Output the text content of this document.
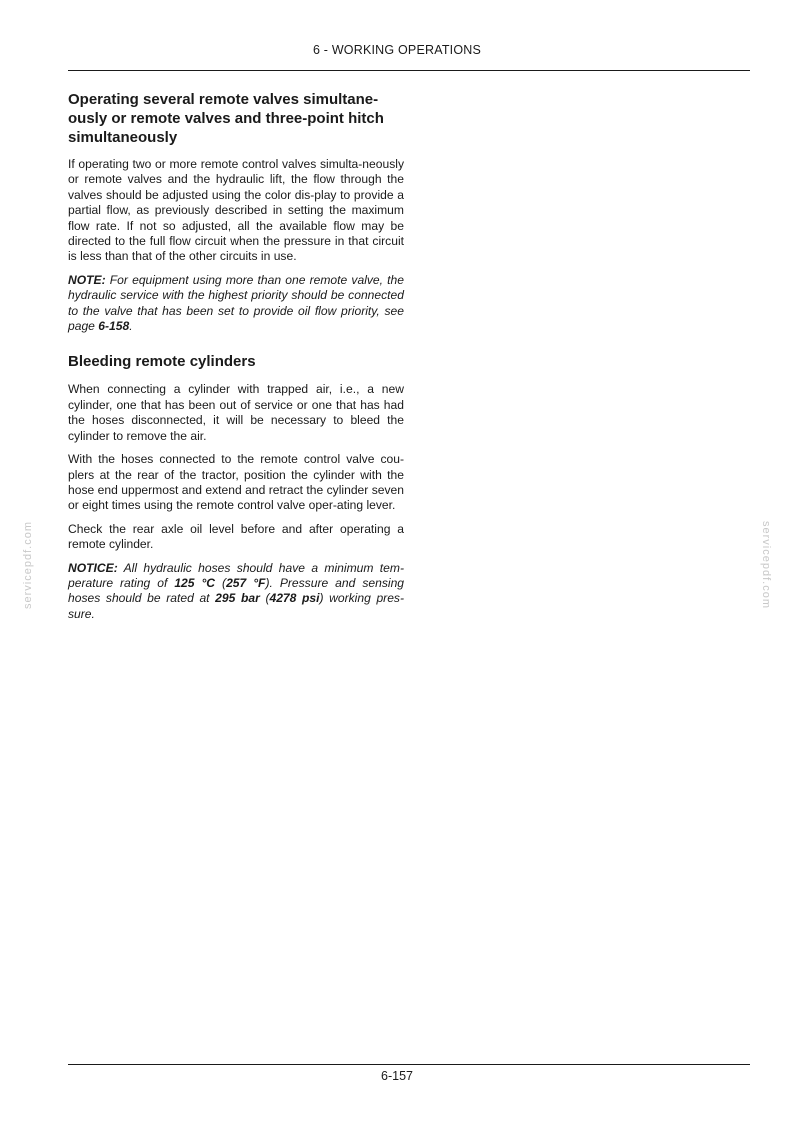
6 - WORKING OPERATIONS
Operating several remote valves simultane-ously or remote valves and three-point hitch simultaneously

If operating two or more remote control valves simulta-neously or remote valves and the hydraulic lift, the flow through the valves should be adjusted using the color dis-play to provide a partial flow, as previously described in setting the maximum flow rate. If not so adjusted, all the available flow may be directed to the full flow circuit when the pressure in that circuit is less than that of the other circuits in use.

NOTE: For equipment using more than one remote valve, the hydraulic service with the highest priority should be connected to the valve that has been set to provide oil flow priority, see page 6-158.

Bleeding remote cylinders

When connecting a cylinder with trapped air, i.e., a new cylinder, one that has been out of service or one that has had the hoses disconnected, it will be necessary to bleed the cylinder to remove the air.

With the hoses connected to the remote control valve cou-plers at the rear of the tractor, position the cylinder with the hose end uppermost and extend and retract the cylinder seven or eight times using the remote control valve oper-ating lever.

Check the rear axle oil level before and after operating a remote cylinder.

NOTICE: All hydraulic hoses should have a minimum tem-perature rating of 125 °C (257 °F). Pressure and sensing hoses should be rated at 295 bar (4278 psi) working pres-sure.

servicepdf.com	servicepdf.com
6-157
